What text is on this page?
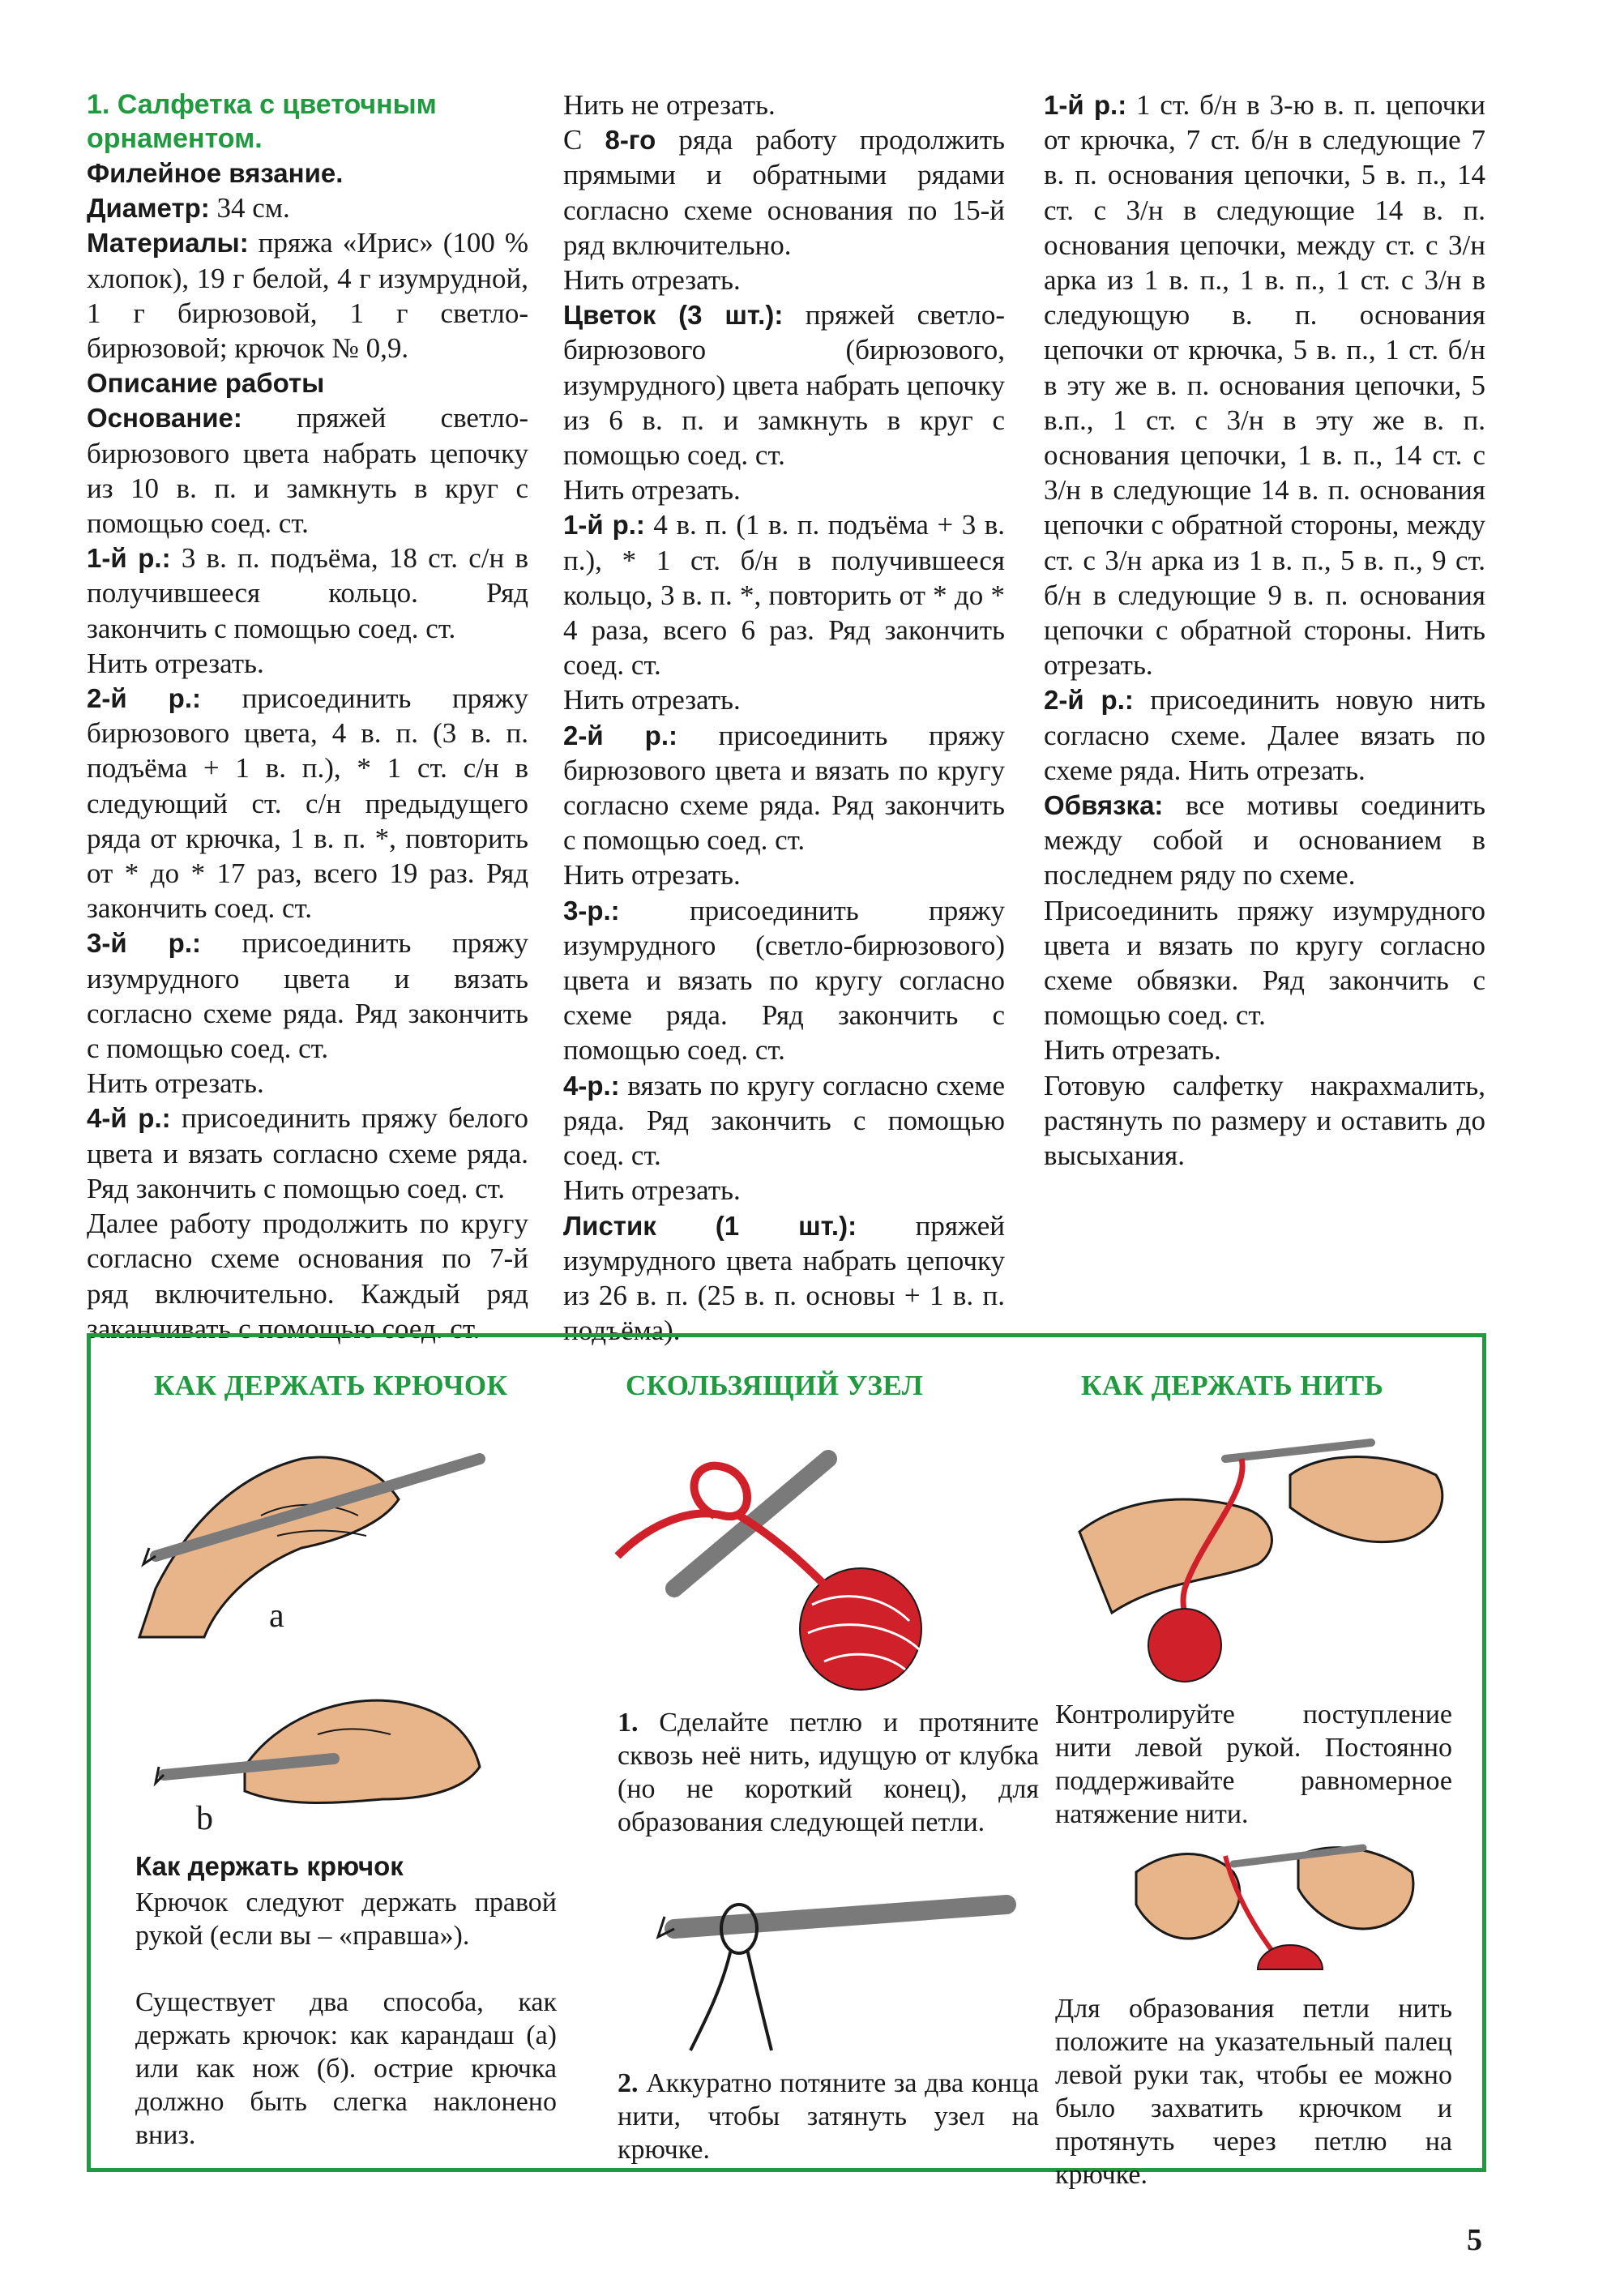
1. Салфетка с цветочным орнаментом.

Филейное вязание.

Диаметр: 34 см.

Материалы: пряжа «Ирис» (100 % хлопок), 19 г белой, 4 г изумрудной, 1 г бирюзовой, 1 г светло-бирюзовой; крючок № 0,9.

Описание работы

Основание: пряжей светло-бирюзового цвета набрать цепочку из 10 в. п. и замкнуть в круг с помощью соед. ст.

1-й р.: 3 в. п. подъёма, 18 ст. с/н в получившееся кольцо. Ряд закончить с помощью соед. ст.

Нить отрезать.

2-й р.: присоединить пряжу бирюзового цвета, 4 в. п. (3 в. п. подъёма + 1 в. п.), * 1 ст. с/н в следующий ст. с/н предыдущего ряда от крючка, 1 в. п. *, повторить от * до * 17 раз, всего 19 раз. Ряд закончить соед. ст.

3-й р.: присоединить пряжу изумрудного цвета и вязать согласно схеме ряда. Ряд закончить с помощью соед. ст.

Нить отрезать.

4-й р.: присоединить пряжу белого цвета и вязать согласно схеме ряда. Ряд закончить с помощью соед. ст.

Далее работу продолжить по кругу согласно схеме основания по 7-й ряд включительно. Каждый ряд заканчивать с помощью соед. ст.

Нить не отрезать.

С 8-го ряда работу продолжить прямыми и обратными рядами согласно схеме основания по 15-й ряд включительно.

Нить отрезать.

Цветок (3 шт.): пряжей светло-бирюзового (бирюзового, изумрудного) цвета набрать цепочку из 6 в. п. и замкнуть в круг с помощью соед. ст.

Нить отрезать.

1-й р.: 4 в. п. (1 в. п. подъёма + 3 в. п.), * 1 ст. б/н в получившееся кольцо, 3 в. п. *, повторить от * до * 4 раза, всего 6 раз. Ряд закончить соед. ст.

Нить отрезать.

2-й р.: присоединить пряжу бирюзового цвета и вязать по кругу согласно схеме ряда. Ряд закончить с помощью соед. ст.

Нить отрезать.

3-р.: присоединить пряжу изумрудного (светло-бирюзового) цвета и вязать по кругу согласно схеме ряда. Ряд закончить с помощью соед. ст.

4-р.: вязать по кругу согласно схеме ряда. Ряд закончить с помощью соед. ст.

Нить отрезать.

Листик (1 шт.): пряжей изумрудного цвета набрать цепочку из 26 в. п. (25 в. п. основы + 1 в. п. подъёма).

1-й р.: 1 ст. б/н в 3-ю в. п. цепочки от крючка, 7 ст. б/н в следующие 7 в. п. основания цепочки, 5 в. п., 14 ст. с 3/н в следующие 14 в. п. основания цепочки, между ст. с 3/н арка из 1 в. п., 1 в. п., 1 ст. с 3/н в следующую в. п. основания цепочки от крючка, 5 в. п., 1 ст. б/н в эту же в. п. основания цепочки, 5 в.п., 1 ст. с 3/н в эту же в. п. основания цепочки, 1 в. п., 14 ст. с 3/н в следующие 14 в. п. основания цепочки с обратной стороны, между ст. с 3/н арка из 1 в. п., 5 в. п., 9 ст. б/н в следующие 9 в. п. основания цепочки с обратной стороны. Нить отрезать.

2-й р.: присоединить новую нить согласно схеме. Далее вязать по схеме ряда. Нить отрезать.

Обвязка: все мотивы соединить между собой и основанием в последнем ряду по схеме.

Присоединить пряжу изумрудного цвета и вязать по кругу согласно схеме обвязки. Ряд закончить с помощью соед. ст.

Нить отрезать.

Готовую салфетку накрахмалить, растянуть по размеру и оставить до высыхания.

КАК ДЕРЖАТЬ КРЮЧОК
a
b

Как держать крючок

Крючок следуют держать правой рукой (если вы – «правша»).

Существует два способа, как держать крючок: как карандаш (а) или как нож (б). острие крючка должно быть слегка наклонено вниз.

СКОЛЬЗЯЩИЙ УЗЕЛ

1. Сделайте петлю и протяните сквозь неё нить, идущую от клубка (но не короткий конец), для образования следующей петли.

2. Аккуратно потяните за два конца нити, чтобы затянуть узел на крючке.

КАК ДЕРЖАТЬ НИТЬ

Контролируйте поступление нити левой рукой. Постоянно поддерживайте равномерное натяжение нити.

Для образования петли нить положите на указательный палец левой руки так, чтобы ее можно было захватить крючком и протянуть через петлю на крючке.

5
